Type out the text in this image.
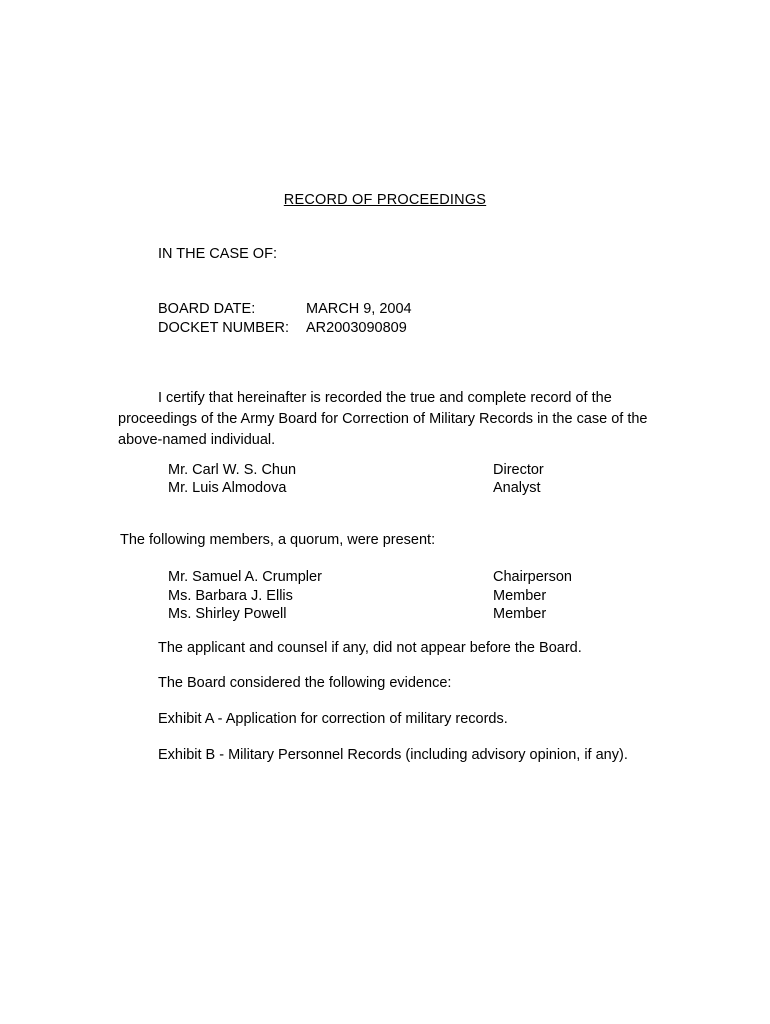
RECORD OF PROCEEDINGS
IN THE CASE OF:
BOARD DATE:	MARCH 9, 2004
DOCKET NUMBER:	AR2003090809
I certify that hereinafter is recorded the true and complete record of the proceedings of the Army Board for Correction of Military Records in the case of the above-named individual.
Mr. Carl W. S. Chun	Director
Mr. Luis Almodova	Analyst
The following members, a quorum, were present:
Mr. Samuel A. Crumpler	Chairperson
Ms. Barbara J. Ellis	Member
Ms. Shirley Powell	Member
The applicant and counsel if any, did not appear before the Board.
The Board considered the following evidence:
Exhibit A - Application for correction of military records.
Exhibit B - Military Personnel Records (including advisory opinion, if any).
